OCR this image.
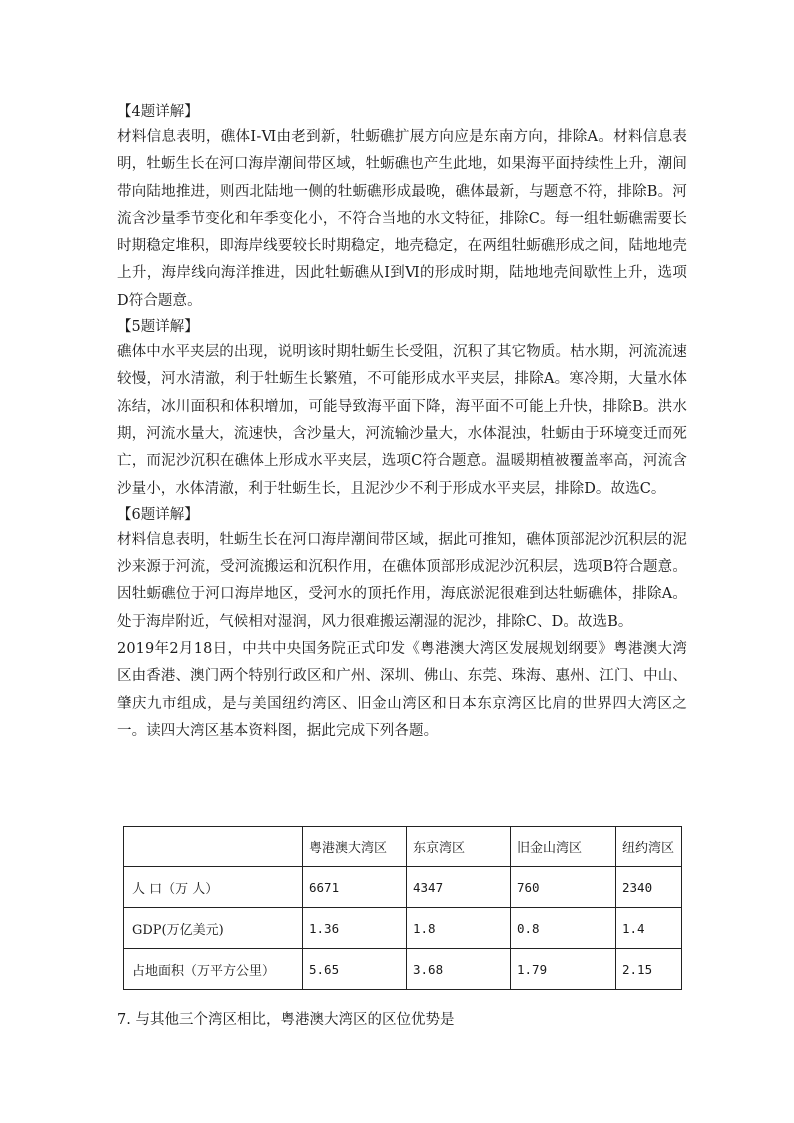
【4题详解】

材料信息表明，礁体Ⅰ-Ⅵ由老到新，牡蛎礁扩展方向应是东南方向，排除A。材料信息表明，牡蛎生长在河口海岸潮间带区域，牡蛎礁也产生此地，如果海平面持续性上升，潮间带向陆地推进，则西北陆地一侧的牡蛎礁形成最晚，礁体最新，与题意不符，排除B。河流含沙量季节变化和年季变化小，不符合当地的水文特征，排除C。每一组牡蛎礁需要长时期稳定堆积，即海岸线要较长时期稳定，地壳稳定，在两组牡蛎礁形成之间，陆地地壳上升，海岸线向海洋推进，因此牡蛎礁从Ⅰ到Ⅵ的形成时期，陆地地壳间歇性上升，选项D符合题意。

【5题详解】

礁体中水平夹层的出现，说明该时期牡蛎生长受阻，沉积了其它物质。枯水期，河流流速较慢，河水清澈，利于牡蛎生长繁殖，不可能形成水平夹层，排除A。寒冷期，大量水体冻结，冰川面积和体积增加，可能导致海平面下降，海平面不可能上升快，排除B。洪水期，河流水量大，流速快，含沙量大，河流输沙量大，水体混浊，牡蛎由于环境变迁而死亡，而泥沙沉积在礁体上形成水平夹层，选项C符合题意。温暖期植被覆盖率高，河流含沙量小，水体清澈，利于牡蛎生长，且泥沙少不利于形成水平夹层，排除D。故选C。

【6题详解】

材料信息表明，牡蛎生长在河口海岸潮间带区域，据此可推知，礁体顶部泥沙沉积层的泥沙来源于河流，受河流搬运和沉积作用，在礁体顶部形成泥沙沉积层，选项B符合题意。因牡蛎礁位于河口海岸地区，受河水的顶托作用，海底淤泥很难到达牡蛎礁体，排除A。处于海岸附近，气候相对湿润，风力很难搬运潮湿的泥沙，排除C、D。故选B。

2019年2月18日，中共中央国务院正式印发《粤港澳大湾区发展规划纲要》粤港澳大湾区由香港、澳门两个特别行政区和广州、深圳、佛山、东莞、珠海、惠州、江门、中山、肇庆九市组成，是与美国纽约湾区、旧金山湾区和日本东京湾区比肩的世界四大湾区之一。读四大湾区基本资料图，据此完成下列各题。

	粤港澳大湾区	东京湾区	旧金山湾区	纽约湾区
人 口（万 人）	6671	4347	760	2340
GDP(万亿美元)	1.36	1.8	0.8	1.4
占地面积（万平方公里）	5.65	3.68	1.79	2.15

7. 与其他三个湾区相比，粤港澳大湾区的区位优势是
